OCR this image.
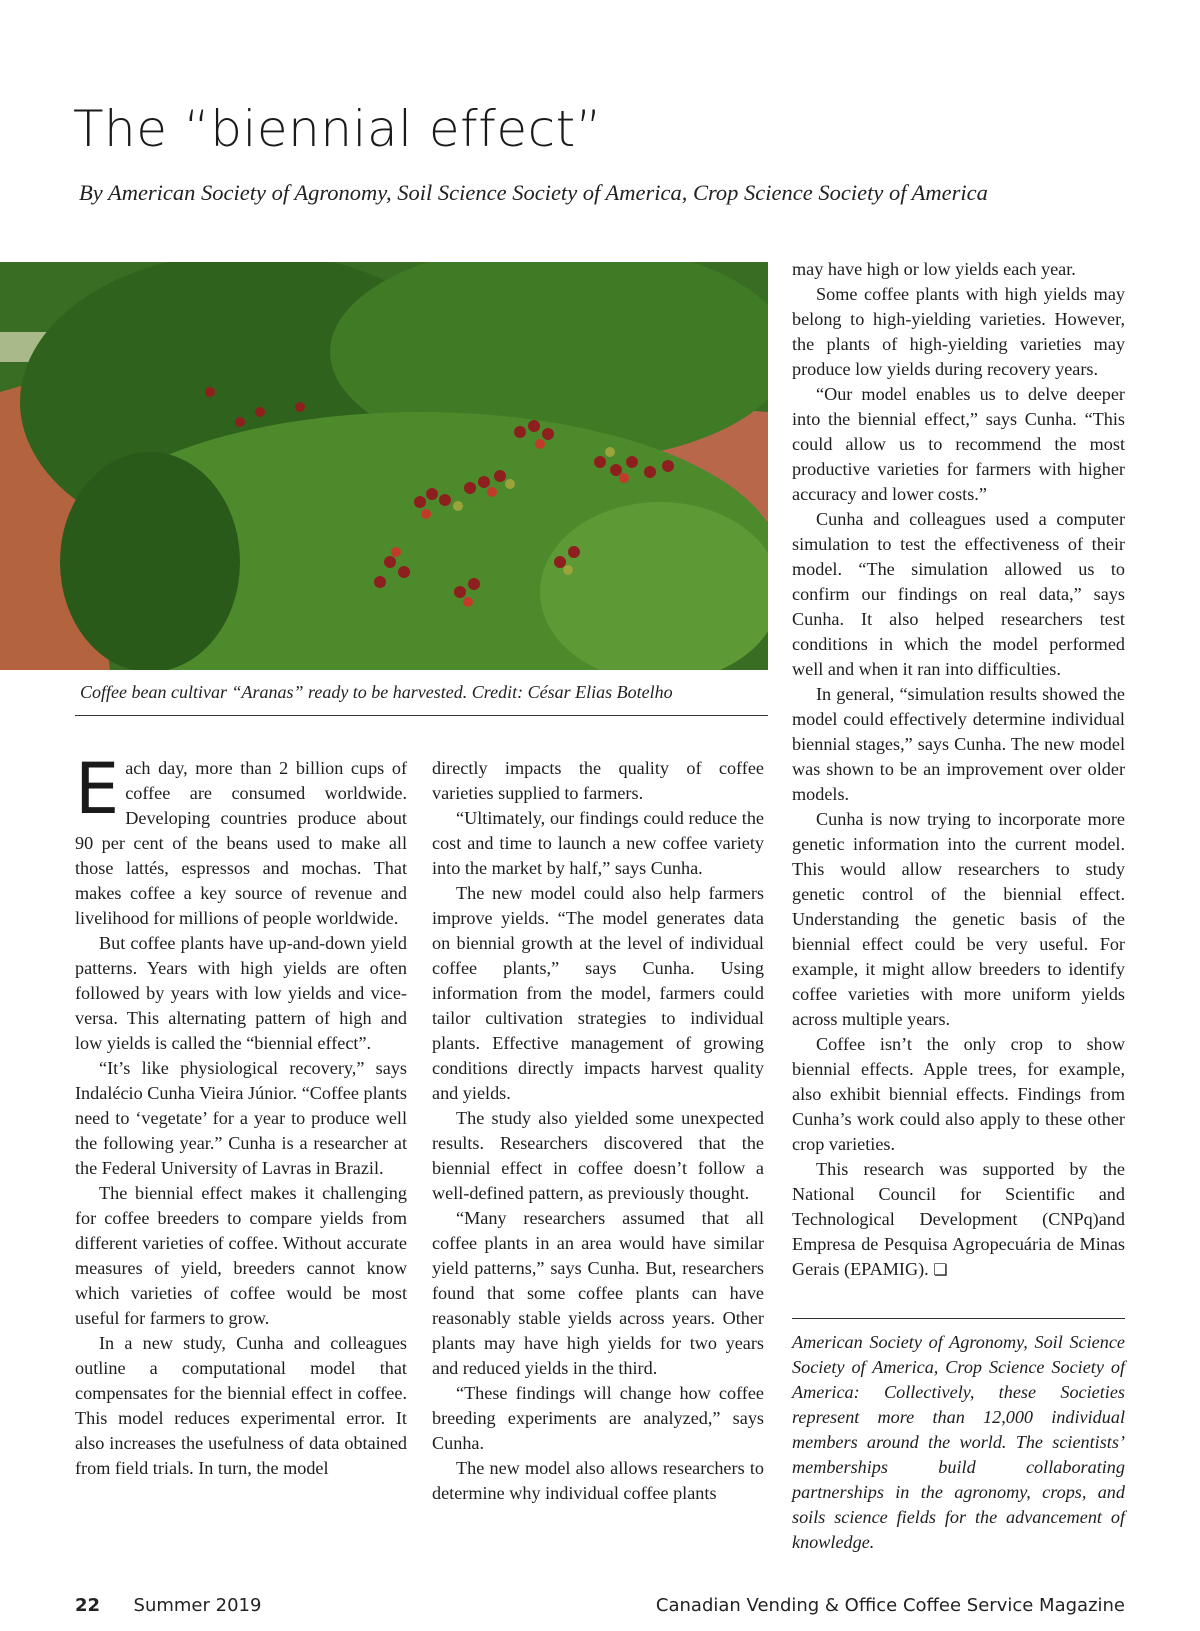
The “biennial effect”

By American Society of Agronomy, Soil Science Society of America, Crop Science Society of America

Coffee bean cultivar “Aranas” ready to be harvested. Credit: César Elias Botelho

E ach day, more than 2 billion cups of coffee are consumed worldwide. Developing countries produce about 90 per cent of the beans used to make all those lattés, espressos and mochas. That makes coffee a key source of revenue and livelihood for millions of people worldwide.

But coffee plants have up-and-down yield patterns. Years with high yields are often followed by years with low yields and vice-versa. This alternating pattern of high and low yields is called the “biennial effect”.

“It’s like physiological recovery,” says Indalécio Cunha Vieira Júnior. “Coffee plants need to ‘vegetate’ for a year to produce well the following year.” Cunha is a researcher at the Federal University of Lavras in Brazil.

The biennial effect makes it challenging for coffee breeders to compare yields from different varieties of coffee. Without accurate measures of yield, breeders cannot know which varieties of coffee would be most useful for farmers to grow.

In a new study, Cunha and colleagues outline a computational model that compensates for the biennial effect in coffee. This model reduces experimental error. It also increases the usefulness of data obtained from field trials. In turn, the model

directly impacts the quality of coffee varieties supplied to farmers.

“Ultimately, our findings could reduce the cost and time to launch a new coffee variety into the market by half,” says Cunha.

The new model could also help farmers improve yields. “The model generates data on biennial growth at the level of individual coffee plants,” says Cunha. Using information from the model, farmers could tailor cultivation strategies to individual plants. Effective management of growing conditions directly impacts harvest quality and yields.

The study also yielded some unexpected results. Researchers discovered that the biennial effect in coffee doesn’t follow a well-defined pattern, as previously thought.

“Many researchers assumed that all coffee plants in an area would have similar yield patterns,” says Cunha. But, researchers found that some coffee plants can have reasonably stable yields across years. Other plants may have high yields for two years and reduced yields in the third.

“These findings will change how coffee breeding experiments are analyzed,” says Cunha.

The new model also allows researchers to determine why individual coffee plants

may have high or low yields each year.

Some coffee plants with high yields may belong to high-yielding varieties. However, the plants of high-yielding varieties may produce low yields during recovery years.

“Our model enables us to delve deeper into the biennial effect,” says Cunha. “This could allow us to recommend the most productive varieties for farmers with higher accuracy and lower costs.”

Cunha and colleagues used a computer simulation to test the effectiveness of their model. “The simulation allowed us to confirm our findings on real data,” says Cunha. It also helped researchers test conditions in which the model performed well and when it ran into difficulties.

In general, “simulation results showed the model could effectively determine individual biennial stages,” says Cunha. The new model was shown to be an improvement over older models.

Cunha is now trying to incorporate more genetic information into the current model. This would allow researchers to study genetic control of the biennial effect. Understanding the genetic basis of the biennial effect could be very useful. For example, it might allow breeders to identify coffee varieties with more uniform yields across multiple years.

Coffee isn’t the only crop to show biennial effects. Apple trees, for example, also exhibit biennial effects. Findings from Cunha’s work could also apply to these other crop varieties.

This research was supported by the National Council for Scientific and Technological Development (CNPq)and Empresa de Pesquisa Agropecuária de Minas Gerais (EPAMIG). ❏

American Society of Agronomy, Soil Science Society of America, Crop Science Society of America: Collectively, these Societies represent more than 12,000 individual members around the world. The scientists’ memberships build collaborating partnerships in the agronomy, crops, and soils science fields for the advancement of knowledge.

22 Summer 2019	Canadian Vending & Office Coffee Service Magazine
